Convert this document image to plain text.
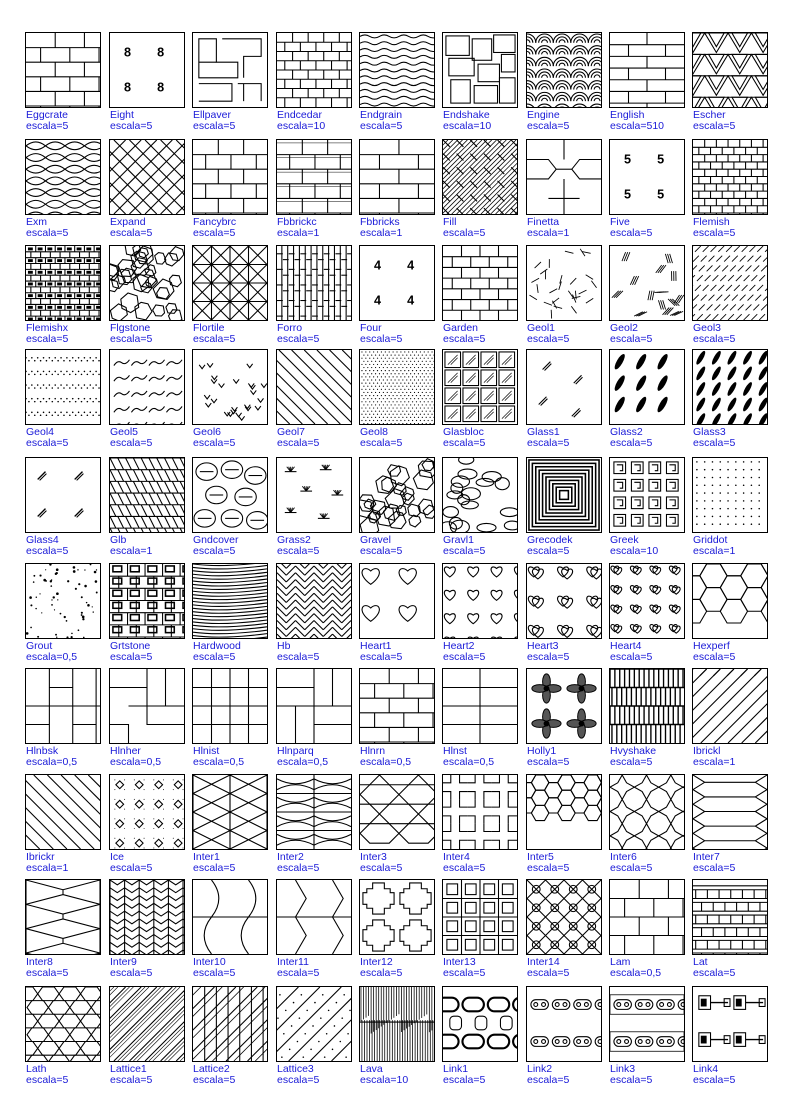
Eggcrate
escala=5
8 8
8 8
Eight
escala=5
Ellpaver
escala=5
Endcedar
escala=10
Endgrain
escala=5
Endshake
escala=10
Engine
escala=5
English
escala=510
Escher
escala=5
Exm
escala=5
Expand
escala=5
Fancybrc
escala=5
Fbbrickc
escala=1
Fbbricks
escala=1
Fill
escala=5
Finetta
escala=1
5 5
5 5
Five
escala=5
Flemish
escala=5
Flemishx
escala=5
Flgstone
escala=5
Flortile
escala=5
Forro
escala=5
4 4
4 4
Four
escala=5
Garden
escala=5
Geol1
escala=5
Geol2
escala=5
Geol3
escala=5
Geol4
escala=5
Geol5
escala=5
Geol6
escala=5
Geol7
escala=5
Geol8
escala=5
Glasbloc
escala=5
Glass1
escala=5
Glass2
escala=5
Glass3
escala=5
Glass4
escala=5
Glb
escala=1
Gndcover
escala=5
Grass2
escala=5
Gravel
escala=5
Gravl1
escala=5
Grecodek
escala=5
Greek
escala=10
Griddot
escala=1
Grout
escala=0,5
Grtstone
escala=5
Hardwood
escala=5
Hb
escala=5
Heart1
escala=5
Heart2
escala=5
Heart3
escala=5
Heart4
escala=5
Hexperf
escala=5
Hlnbsk
escala=0,5
Hlnher
escala=0,5
Hlnist
escala=0,5
Hlnparq
escala=0,5
Hlnrn
escala=0,5
Hlnst
escala=0,5
Holly1
escala=5
Hvyshake
escala=5
Ibrickl
escala=1
Ibrickr
escala=1
Ice
escala=5
Inter1
escala=5
Inter2
escala=5
Inter3
escala=5
Inter4
escala=5
Inter5
escala=5
Inter6
escala=5
Inter7
escala=5
Inter8
escala=5
Inter9
escala=5
Inter10
escala=5
Inter11
escala=5
Inter12
escala=5
Inter13
escala=5
Inter14
escala=5
Lam
escala=0,5
Lat
escala=5
Lath
escala=5
Lattice1
escala=5
Lattice2
escala=5
Lattice3
escala=5
Lava
escala=10
Link1
escala=5
Link2
escala=5
Link3
escala=5
Link4
escala=5
